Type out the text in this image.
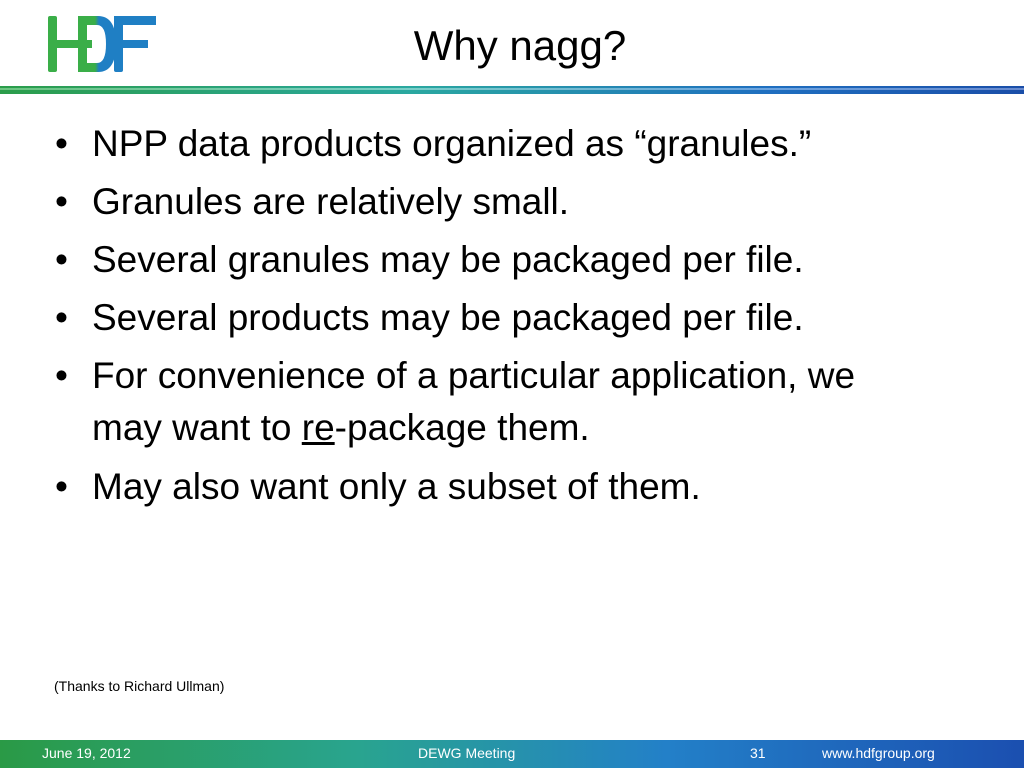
Why nagg?
• NPP data products organized as “granules.”
• Granules are relatively small.
• Several granules may be packaged per file.
• Several products may be packaged per file.
• For convenience of a particular application, we
may want to re-package them.
• May also want only a subset of them.
(Thanks to Richard Ullman)
June 19, 2012	DEWG Meeting	31	www.hdfgroup.org
